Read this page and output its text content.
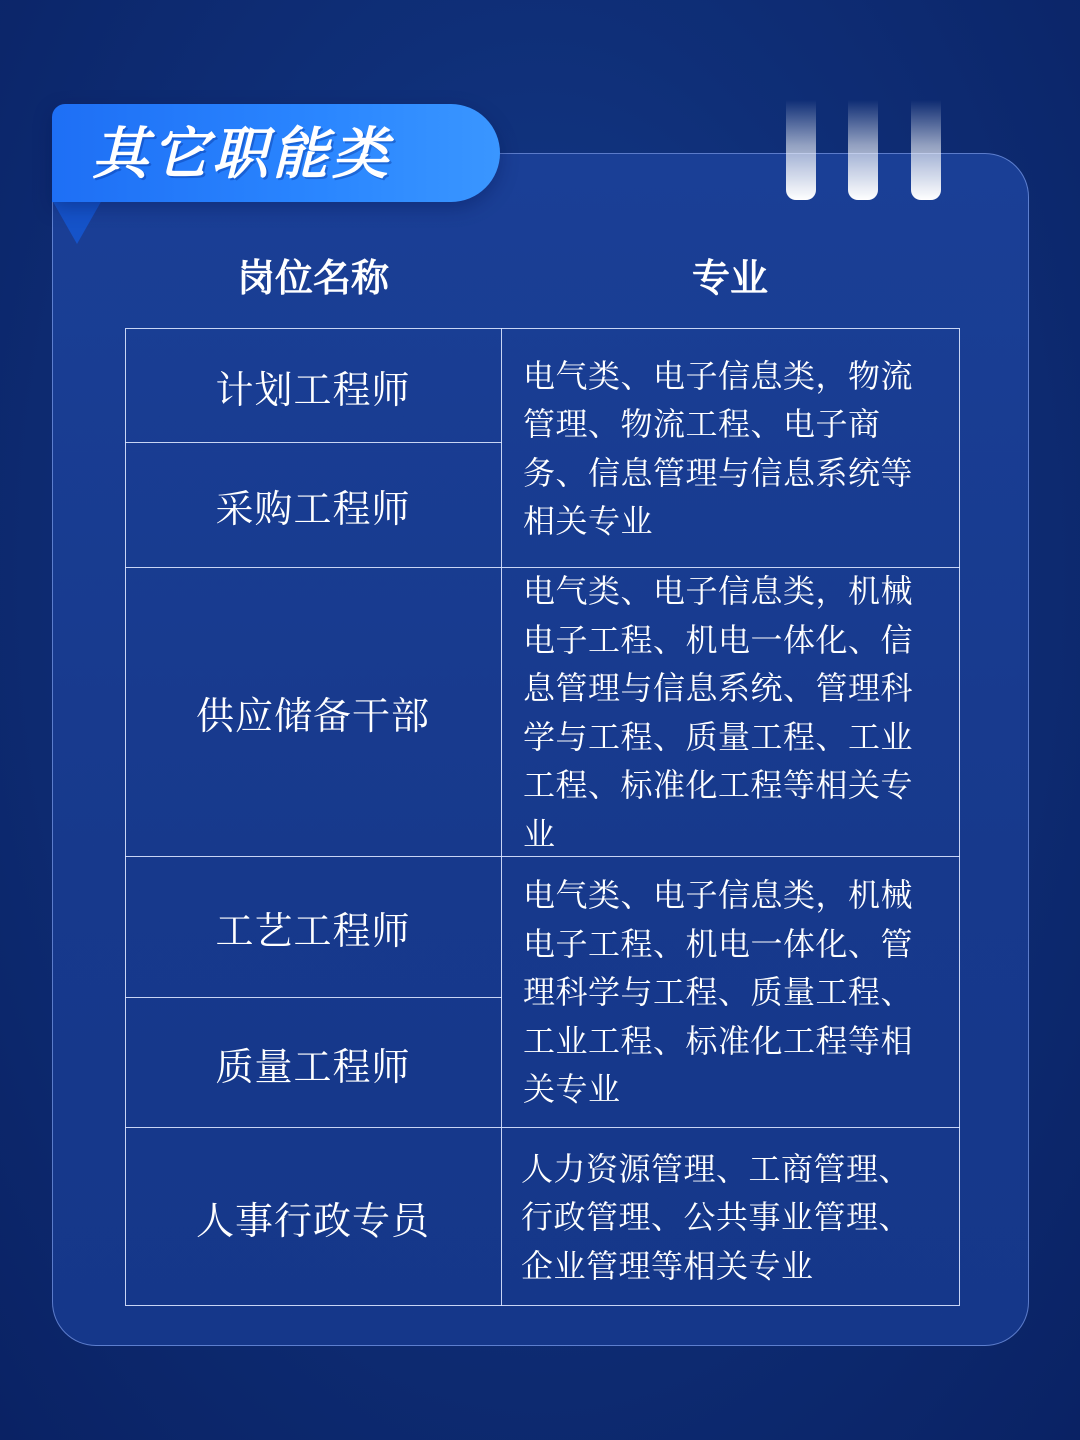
其它职能类
岗位名称	专业
计划工程师
采购工程师
电气类、电子信息类，物流管理、物流工程、电子商务、信息管理与信息系统等相关专业
供应储备干部
电气类、电子信息类，机械电子工程、机电一体化、信息管理与信息系统、管理科学与工程、质量工程、工业工程、标准化工程等相关专业
工艺工程师
质量工程师
电气类、电子信息类，机械电子工程、机电一体化、管理科学与工程、质量工程、工业工程、标准化工程等相关专业
人事行政专员
人力资源管理、工商管理、行政管理、公共事业管理、企业管理等相关专业
